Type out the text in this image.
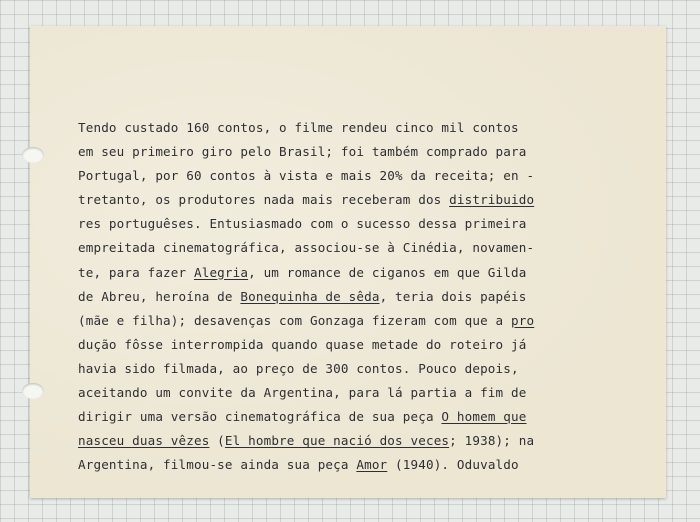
Tendo custado 160 contos, o filme rendeu cinco mil contos
em seu primeiro giro pelo Brasil; foi também comprado para
Portugal, por 60 contos à vista e mais 20% da receita; en -
tretanto, os produtores nada mais receberam dos distribuido
res portuguêses. Entusiasmado com o sucesso dessa primeira
empreitada cinematográfica, associou-se à Cinédia, novamen-
te, para fazer Alegria, um romance de ciganos em que Gilda
de Abreu, heroína de Bonequinha de sêda, teria dois papéis
(mãe e filha); desavenças com Gonzaga fizeram com que a pro
dução fôsse interrompida quando quase metade do roteiro já
havia sido filmada, ao preço de 300 contos. Pouco depois,
aceitando um convite da Argentina, para lá partia a fim de
dirigir uma versão cinematográfica de sua peça O homem que
nasceu duas vêzes (El hombre que nació dos veces; 1938); na
Argentina, filmou-se ainda sua peça Amor (1940). Oduvaldo
